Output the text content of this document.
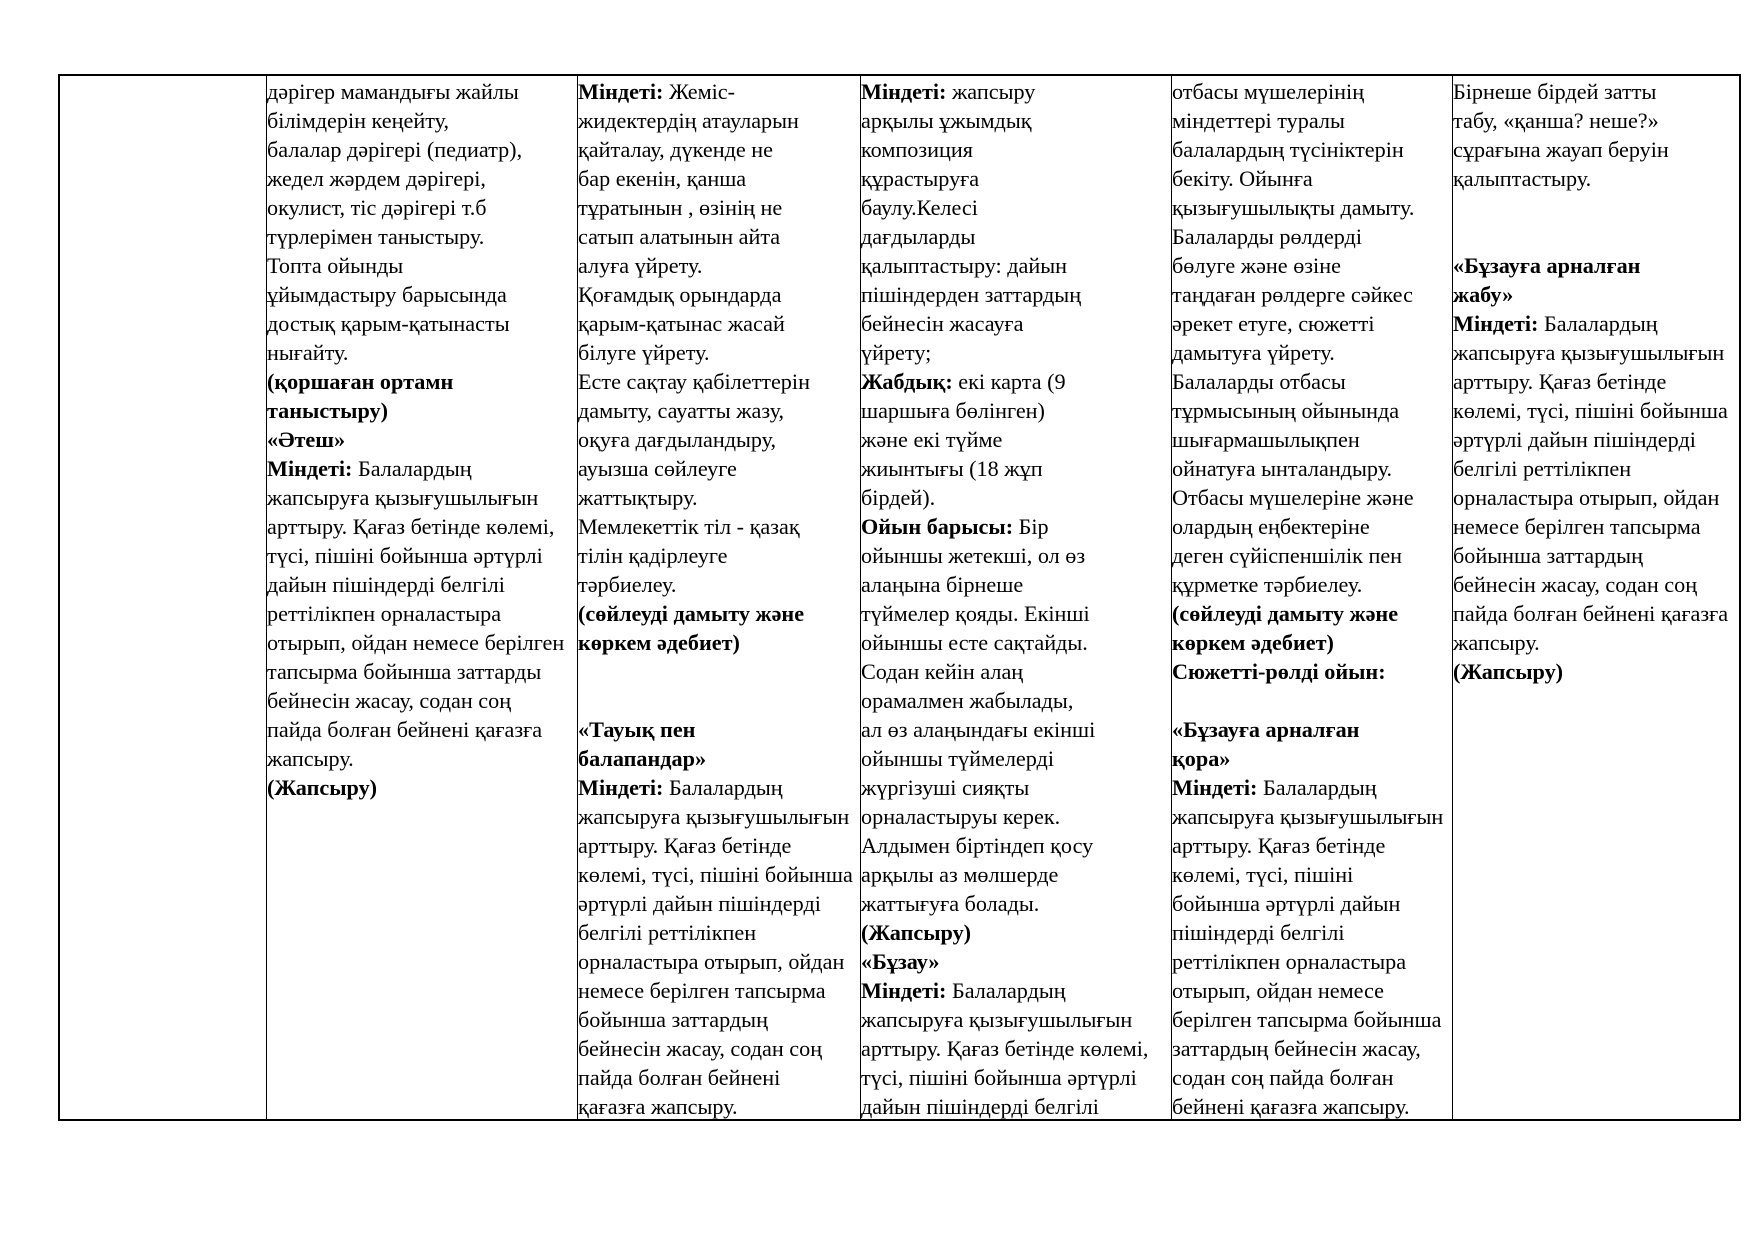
дәрігер мамандығы жайлы
білімдерін кеңейту,
балалар дәрігері (педиатр),
жедел жәрдем дәрігері,
окулист, тіс дәрігері т.б
түрлерімен таныстыру.
Топта ойынды
ұйымдастыру барысында
достық қарым-қатынасты
нығайту.
(қоршаған ортамн
таныстыру)
«Әтеш»
Міндеті: Балалардың
жапсыруға қызығушылығын
арттыру. Қағаз бетінде көлемі,
түсі, пішіні бойынша әртүрлі
дайын пішіндерді белгілі
реттілікпен орналастыра
отырып, ойдан немесе берілген
тапсырма бойынша заттарды
бейнесін жасау, содан соң
пайда болған бейнені қағазға
жапсыру.
(Жапсыру)
Міндеті: Жеміс-
жидектердің атауларын
қайталау, дүкенде не
бар екенін, қанша
тұратынын , өзінің не
сатып алатынын айта
алуға үйрету.
Қоғамдық орындарда
қарым-қатынас жасай
білуге үйрету.
Есте сақтау қабілеттерін
дамыту, сауатты жазу,
оқуға дағдыландыру,
ауызша сөйлеуге
жаттықтыру.
Мемлекеттік тіл - қазақ
тілін қадірлеуге
тәрбиелеу.
(сөйлеуді дамыту және
көркем әдебиет)
«Тауық пен
балапандар»
Міндеті: Балалардың
жапсыруға қызығушылығын
арттыру. Қағаз бетінде
көлемі, түсі, пішіні бойынша
әртүрлі дайын пішіндерді
белгілі реттілікпен
орналастыра отырып, ойдан
немесе берілген тапсырма
бойынша заттардың
бейнесін жасау, содан соң
пайда болған бейнені
қағазға жапсыру.
Міндеті: жапсыру
арқылы ұжымдық
композиция
құрастыруға
баулу.Келесі
дағдыларды
қалыптастыру: дайын
пішіндерден заттардың
бейнесін жасауға
үйрету;
Жабдық: екі карта (9
шаршыға бөлінген)
және екі түйме
жиынтығы (18 жұп
бірдей).
Ойын барысы: Бір
ойыншы жетекші, ол өз
алаңына бірнеше
түймелер қояды. Екінші
ойыншы есте сақтайды.
Содан кейін алаң
орамалмен жабылады,
ал өз алаңындағы екінші
ойыншы түймелерді
жүргізуші сияқты
орналастыруы керек.
Алдымен біртіндеп қосу
арқылы аз мөлшерде
жаттығуға болады.
(Жапсыру)
«Бұзау»
Міндеті: Балалардың
жапсыруға қызығушылығын
арттыру. Қағаз бетінде көлемі,
түсі, пішіні бойынша әртүрлі
дайын пішіндерді белгілі
отбасы мүшелерінің
міндеттері туралы
балалардың түсініктерін
бекіту. Ойынға
қызығушылықты дамыту.
Балаларды рөлдерді
бөлуге және өзіне
таңдаған рөлдерге сәйкес
әрекет етуге, сюжетті
дамытуға үйрету.
Балаларды отбасы
тұрмысының ойынында
шығармашылықпен
ойнатуға ынталандыру.
Отбасы мүшелеріне және
олардың еңбектеріне
деген сүйіспеншілік пен
құрметке тәрбиелеу.
(сөйлеуді дамыту және
көркем әдебиет)
Сюжетті-рөлді ойын:
«Бұзауға арналған
қора»
Міндеті: Балалардың
жапсыруға қызығушылығын
арттыру. Қағаз бетінде
көлемі, түсі, пішіні
бойынша әртүрлі дайын
пішіндерді белгілі
реттілікпен орналастыра
отырып, ойдан немесе
берілген тапсырма бойынша
заттардың бейнесін жасау,
содан соң пайда болған
бейнені қағазға жапсыру.
Бірнеше бірдей затты
табу, «қанша? неше?»
сұрағына жауап беруін
қалыптастыру.
«Бұзауға арналған
жабу»
Міндеті: Балалардың
жапсыруға қызығушылығын
арттыру. Қағаз бетінде
көлемі, түсі, пішіні бойынша
әртүрлі дайын пішіндерді
белгілі реттілікпен
орналастыра отырып, ойдан
немесе берілген тапсырма
бойынша заттардың
бейнесін жасау, содан соң
пайда болған бейнені қағазға
жапсыру.
(Жапсыру)
